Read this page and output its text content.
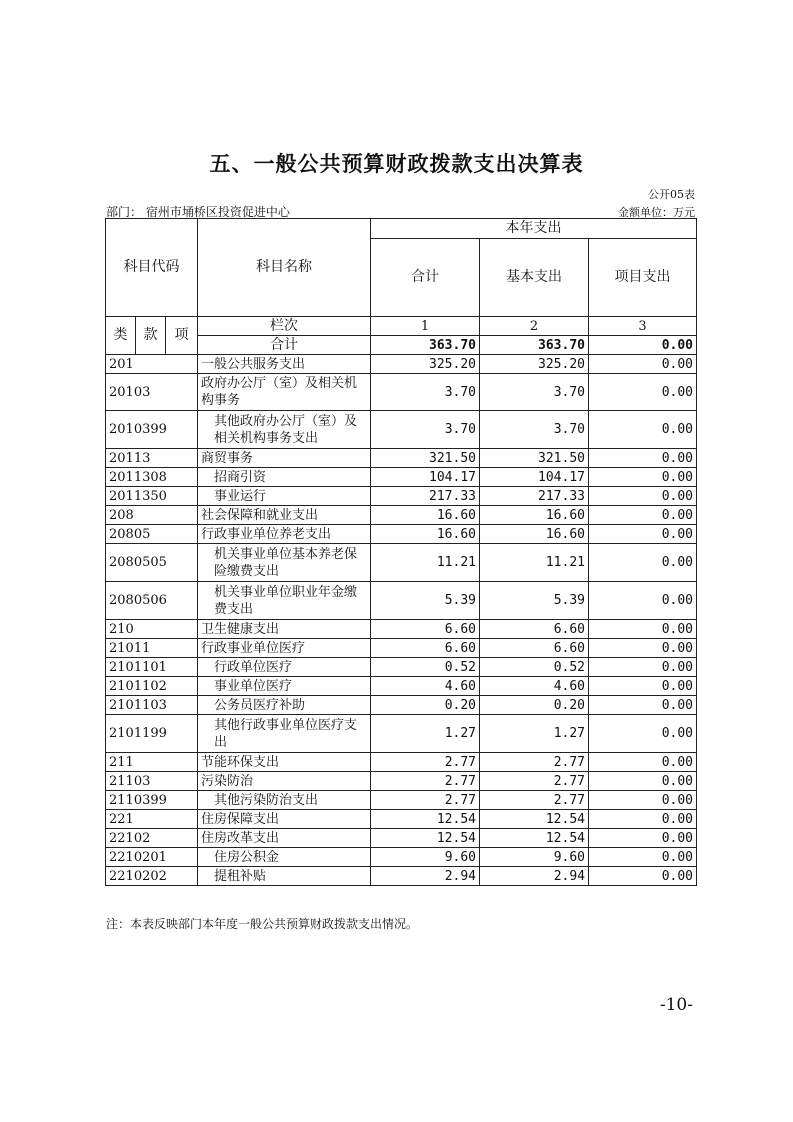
五、一般公共预算财政拨款支出决算表
公开05表
部门： 宿州市埇桥区投资促进中心	金额单位：万元
科目代码			科目名称	本年支出		
				合计	基本支出	项目支出
类	款	项	栏次	1	2	3
			合计	363.70	363.70	0.00
201			一般公共服务支出	325.20	325.20	0.00
20103			政府办公厅（室）及相关机构事务	3.70	3.70	0.00
2010399			其他政府办公厅（室）及相关机构事务支出	3.70	3.70	0.00
20113			商贸事务	321.50	321.50	0.00
2011308			招商引资	104.17	104.17	0.00
2011350			事业运行	217.33	217.33	0.00
208			社会保障和就业支出	16.60	16.60	0.00
20805			行政事业单位养老支出	16.60	16.60	0.00
2080505			机关事业单位基本养老保险缴费支出	11.21	11.21	0.00
2080506			机关事业单位职业年金缴费支出	5.39	5.39	0.00
210			卫生健康支出	6.60	6.60	0.00
21011			行政事业单位医疗	6.60	6.60	0.00
2101101			行政单位医疗	0.52	0.52	0.00
2101102			事业单位医疗	4.60	4.60	0.00
2101103			公务员医疗补助	0.20	0.20	0.00
2101199			其他行政事业单位医疗支出	1.27	1.27	0.00
211			节能环保支出	2.77	2.77	0.00
21103			污染防治	2.77	2.77	0.00
2110399			其他污染防治支出	2.77	2.77	0.00
221			住房保障支出	12.54	12.54	0.00
22102			住房改革支出	12.54	12.54	0.00
2210201			住房公积金	9.60	9.60	0.00
2210202			提租补贴	2.94	2.94	0.00
注：本表反映部门本年度一般公共预算财政拨款支出情况。
-10-
